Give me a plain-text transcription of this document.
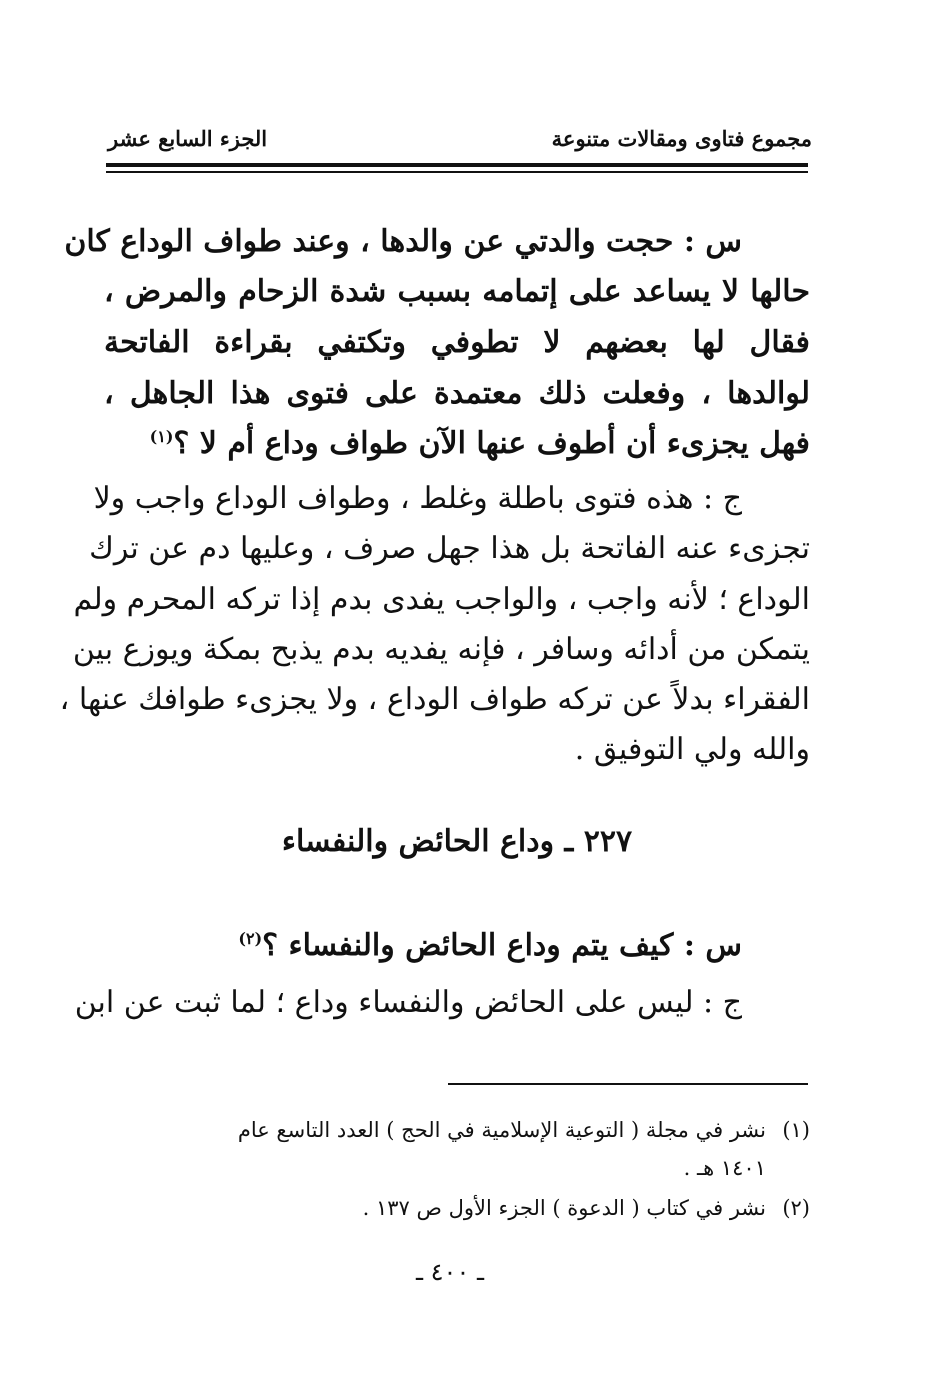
مجموع فتاوى ومقالات متنوعة
الجزء السابع عشر
س : حجت والدتي عن والدها ، وعند طواف الوداع كان
حالها لا يساعد على إتمامه بسبب شدة الزحام والمرض ،
فقال لها بعضهم لا تطوفي وتكتفي بقراءة الفاتحة
لوالدها ، وفعلت ذلك معتمدة على فتوى هذا الجاهل ،
فهل يجزىء أن أطوف عنها الآن طواف وداع أم لا ؟$^{(١)}$
ج : هذه فتوى باطلة وغلط ، وطواف الوداع واجب ولا
تجزىء عنه الفاتحة بل هذا جهل صرف ، وعليها دم عن ترك
الوداع ؛ لأنه واجب ، والواجب يفدى بدم إذا تركه المحرم ولم
يتمكن من أدائه وسافر ، فإنه يفديه بدم يذبح بمكة ويوزع بين
الفقراء بدلاً عن تركه طواف الوداع ، ولا يجزىء طوافك عنها ،
والله ولي التوفيق .
٢٢٧ ـ وداع الحائض والنفساء
س : كيف يتم وداع الحائض والنفساء ؟$^{(٢)}$
ج : ليس على الحائض والنفساء وداع ؛ لما ثبت عن ابن
(١)نشر في مجلة ( التوعية الإسلامية في الحج ) العدد التاسع عام
١٤٠١ هـ .
(٢)نشر في كتاب ( الدعوة ) الجزء الأول ص ١٣٧ .
ـ ٤٠٠ ـ
